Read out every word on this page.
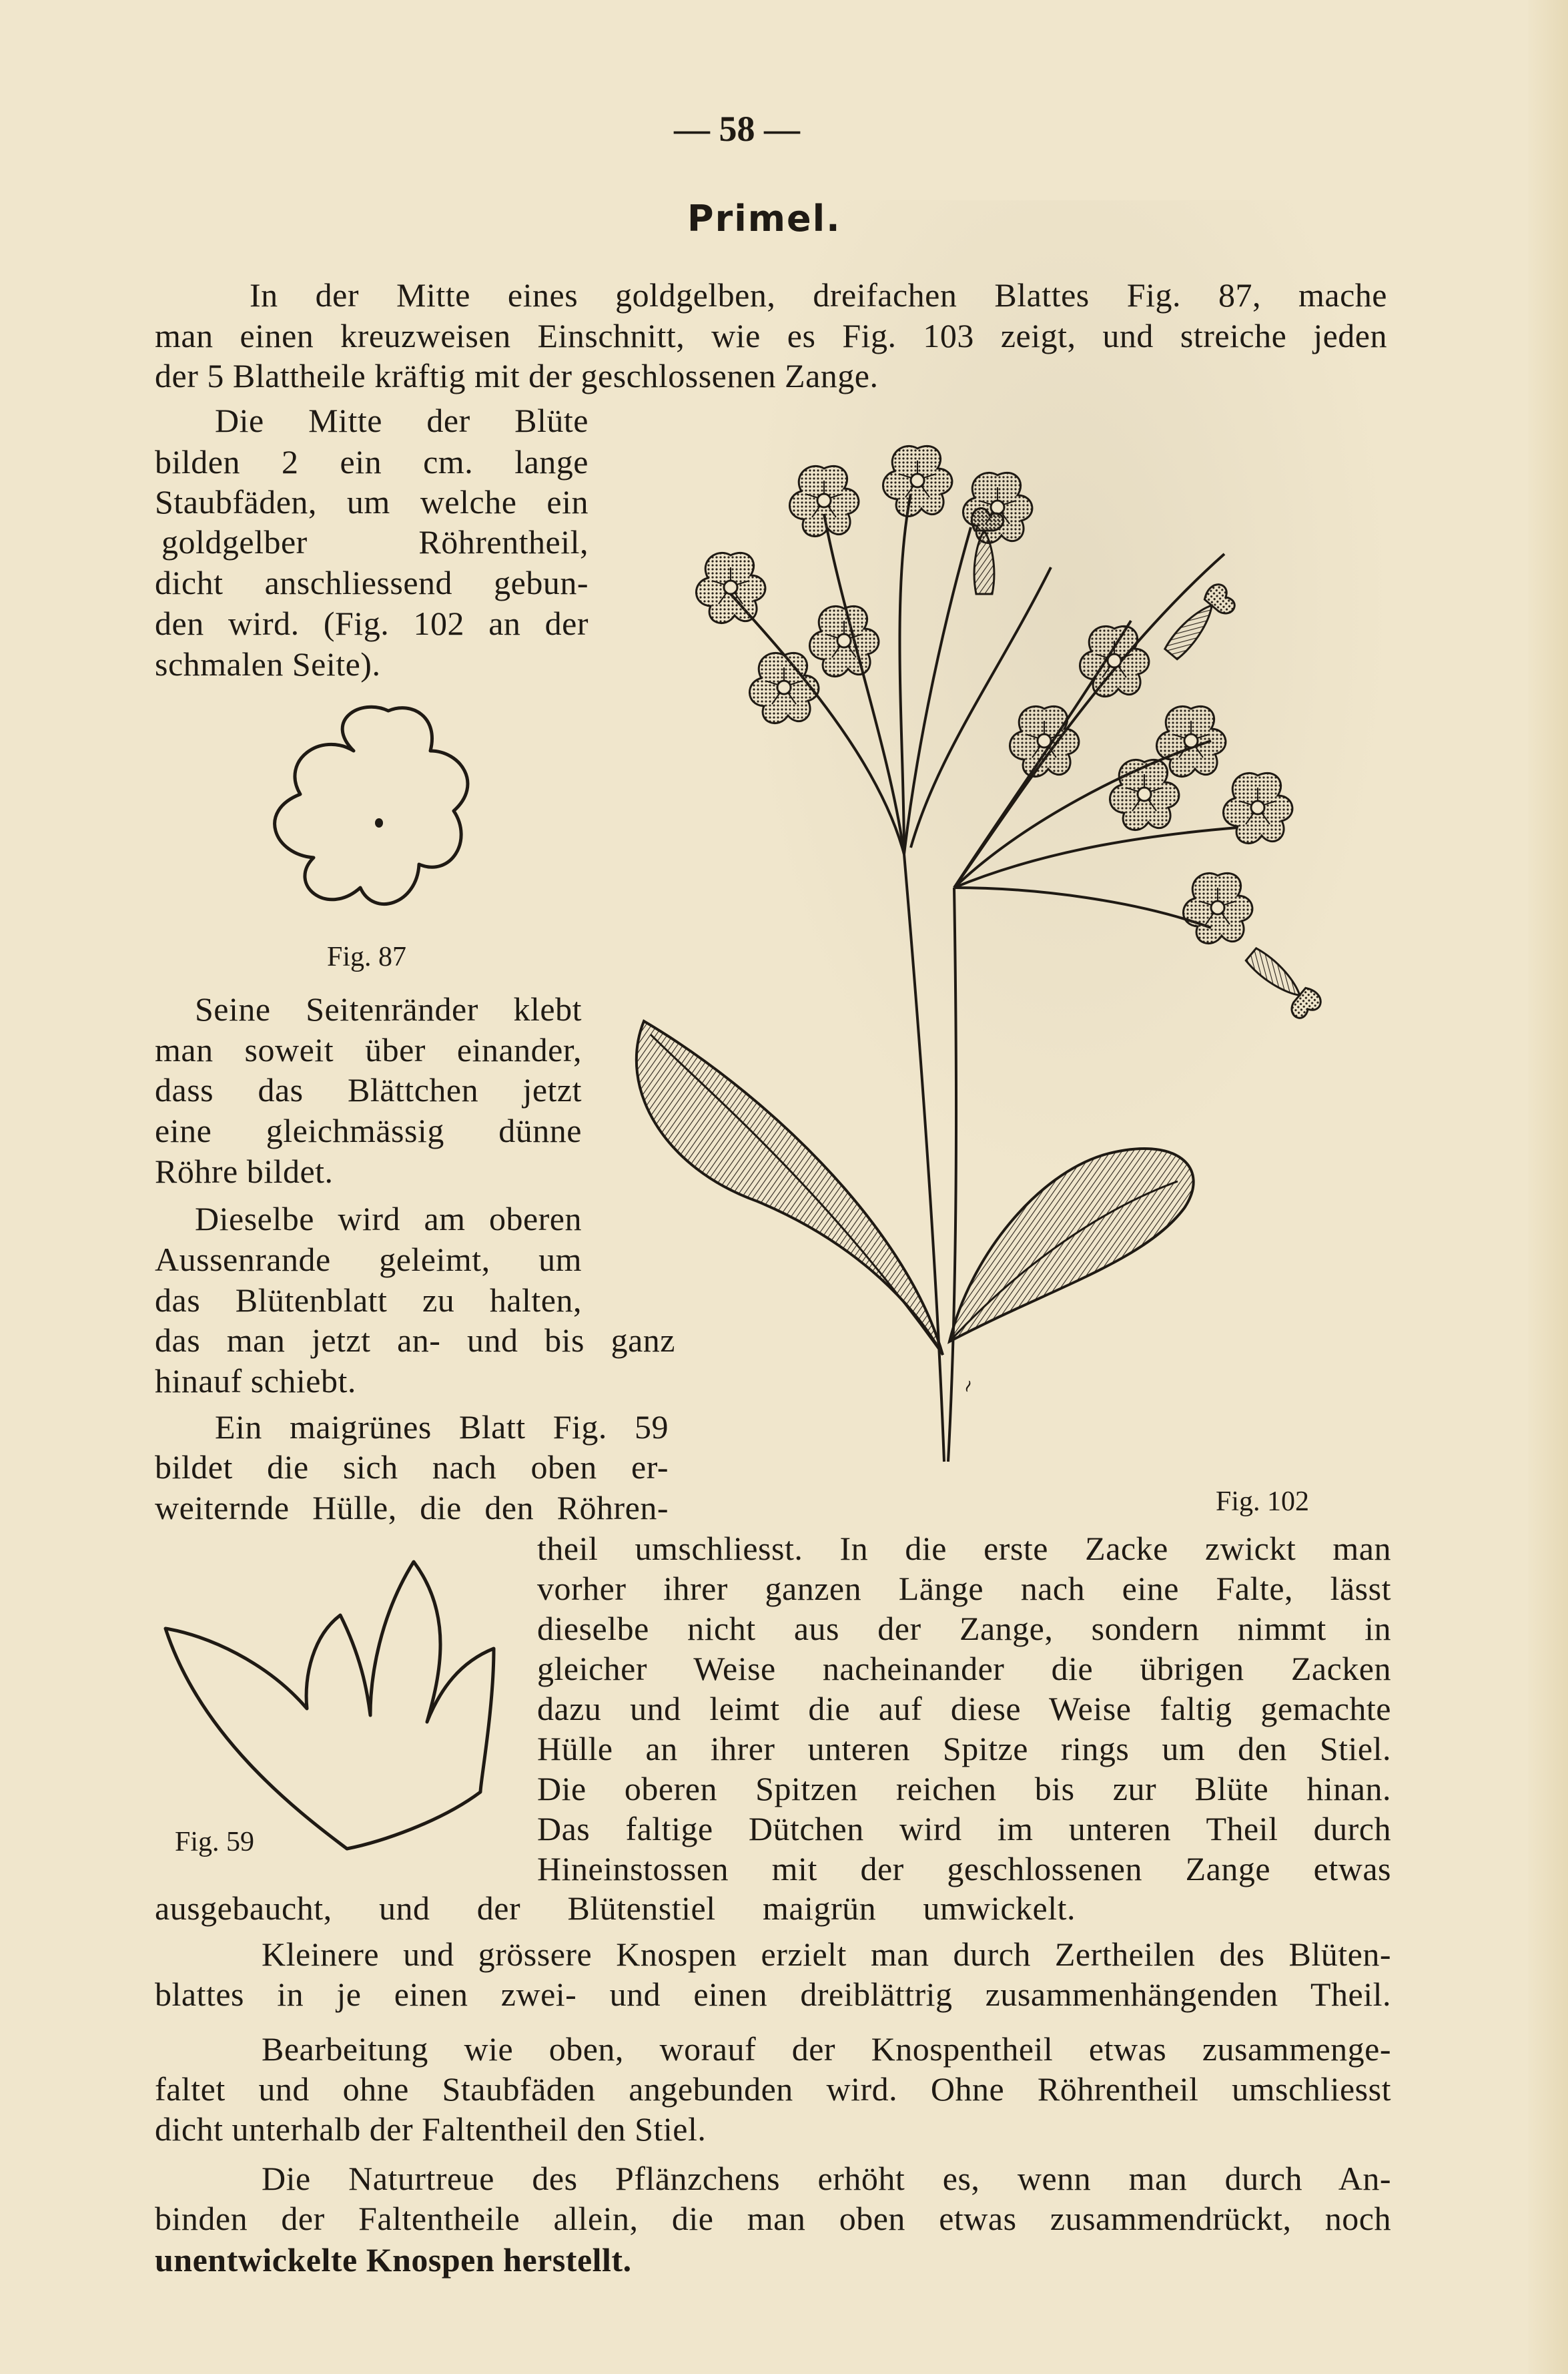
— 58 —
Primel.
In der Mitte eines goldgelben, dreifachen Blattes Fig. 87, mache
man einen kreuzweisen Einschnitt, wie es Fig. 103 zeigt, und streiche jeden
der 5 Blattheile kräftig mit der geschlossenen Zange.
Die Mitte der Blüte
bilden 2 ein cm. lange
Staubfäden, um welche ein
goldgelber Röhrentheil,
dicht anschliessend gebun-
den wird. (Fig. 102 an der
schmalen Seite).
Fig. 87
Seine Seitenränder klebt
man soweit über einander,
dass das Blättchen jetzt
eine gleichmässig dünne
Röhre bildet.
Dieselbe wird am oberen
Aussenrande geleimt, um
das Blütenblatt zu halten,
das man jetzt an- und bis ganz
hinauf schiebt.
Ein maigrünes Blatt Fig. 59
bildet die sich nach oben er-
weiternde Hülle, die den Röhren-
~
Fig. 102
theil umschliesst. In die erste Zacke zwickt man
vorher ihrer ganzen Länge nach eine Falte, lässt
dieselbe nicht aus der Zange, sondern nimmt in
gleicher Weise nacheinander die übrigen Zacken
dazu und leimt die auf diese Weise faltig gemachte
Hülle an ihrer unteren Spitze rings um den Stiel.
Die oberen Spitzen reichen bis zur Blüte hinan.
Das faltige Dütchen wird im unteren Theil durch
Hineinstossen mit der geschlossenen Zange etwas
Fig. 59
ausgebaucht, und der Blütenstiel maigrün umwickelt.
Kleinere und grössere Knospen erzielt man durch Zertheilen des Blüten-
blattes in je einen zwei- und einen dreiblättrig zusammenhängenden Theil.
Bearbeitung wie oben, worauf der Knospentheil etwas zusammenge-
faltet und ohne Staubfäden angebunden wird. Ohne Röhrentheil umschliesst
dicht unterhalb der Faltentheil den Stiel.
Die Naturtreue des Pflänzchens erhöht es, wenn man durch An-
binden der Faltentheile allein, die man oben etwas zusammendrückt, noch
unentwickelte Knospen herstellt.
